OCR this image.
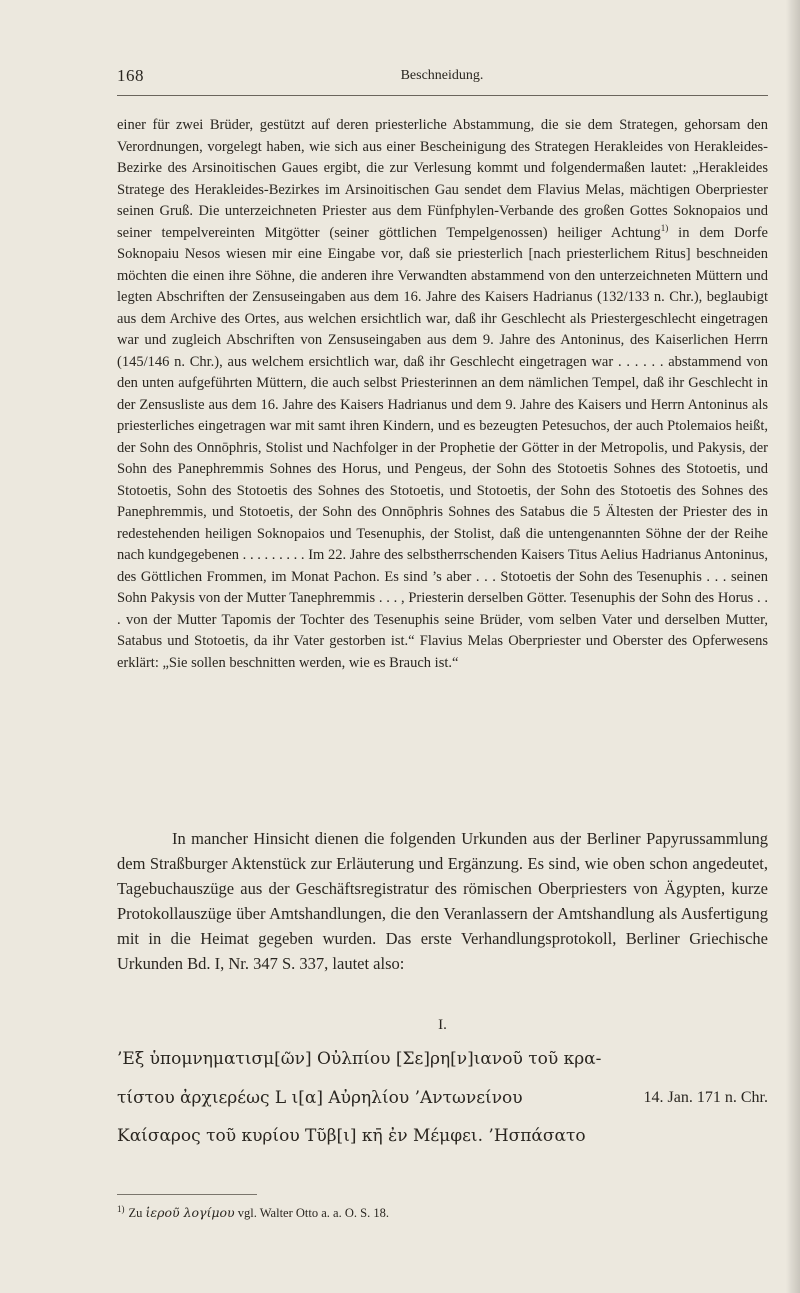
168	Beschneidung.

einer für zwei Brüder, gestützt auf deren priesterliche Abstammung, die sie dem Strategen, gehorsam den Verordnungen, vorgelegt haben, wie sich aus einer Bescheinigung des Strategen Herakleides von Herakleides-Bezirke des Arsinoitischen Gaues ergibt, die zur Verlesung kommt und folgendermaßen lautet: „Herakleides Stratege des Herakleides-Bezirkes im Arsinoitischen Gau sendet dem Flavius Melas, mächtigen Oberpriester seinen Gruß. Die unterzeichneten Priester aus dem Fünfphylen-Verbande des großen Gottes Soknopaios und seiner tempelvereinten Mitgötter (seiner göttlichen Tempelgenossen) heiliger Achtung$^{1)}$ in dem Dorfe Soknopaiu Nesos wiesen mir eine Eingabe vor, daß sie priesterlich [nach priesterlichem Ritus] beschneiden möchten die einen ihre Söhne, die anderen ihre Verwandten abstammend von den unterzeichneten Müttern und legten Abschriften der Zensuseingaben aus dem 16. Jahre des Kaisers Hadrianus (132/133 n. Chr.), beglaubigt aus dem Archive des Ortes, aus welchen ersichtlich war, daß ihr Geschlecht als Priestergeschlecht eingetragen war und zugleich Abschriften von Zensuseingaben aus dem 9. Jahre des Antoninus, des Kaiserlichen Herrn (145/146 n. Chr.), aus welchem ersichtlich war, daß ihr Geschlecht eingetragen war . . . . . . abstammend von den unten aufgeführten Müttern, die auch selbst Priesterinnen an dem nämlichen Tempel, daß ihr Geschlecht in der Zensusliste aus dem 16. Jahre des Kaisers Hadrianus und dem 9. Jahre des Kaisers und Herrn Antoninus als priesterliches eingetragen war mit samt ihren Kindern, und es bezeugten Petesuchos, der auch Ptolemaios heißt, der Sohn des Onnōphris, Stolist und Nachfolger in der Prophetie der Götter in der Metropolis, und Pakysis, der Sohn des Panephremmis Sohnes des Horus, und Pengeus, der Sohn des Stotoetis Sohnes des Stotoetis, und Stotoetis, Sohn des Stotoetis des Sohnes des Stotoetis, und Stotoetis, der Sohn des Stotoetis des Sohnes des Panephremmis, und Stotoetis, der Sohn des Onnōphris Sohnes des Satabus die 5 Ältesten der Priester des in redestehenden heiligen Soknopaios und Tesenuphis, der Stolist, daß die untengenannten Söhne der der Reihe nach kundgegebenen . . . . . . . . . Im 22. Jahre des selbstherrschenden Kaisers Titus Aelius Hadrianus Antoninus, des Göttlichen Frommen, im Monat Pachon. Es sind ’s aber . . . Stotoetis der Sohn des Tesenuphis . . . seinen Sohn Pakysis von der Mutter Tanephremmis . . . , Priesterin derselben Götter. Tesenuphis der Sohn des Horus . . . von der Mutter Tapomis der Tochter des Tesenuphis seine Brüder, vom selben Vater und derselben Mutter, Satabus und Stotoetis, da ihr Vater gestorben ist.“ Flavius Melas Oberpriester und Oberster des Opferwesens erklärt: „Sie sollen beschnitten werden, wie es Brauch ist.“

In mancher Hinsicht dienen die folgenden Urkunden aus der Berliner Papyrussammlung dem Straßburger Aktenstück zur Erläuterung und Ergänzung. Es sind, wie oben schon angedeutet, Tagebuchauszüge aus der Geschäftsregistratur des römischen Oberpriesters von Ägypten, kurze Protokollauszüge über Amtshandlungen, die den Veranlassern der Amtshandlung als Ausfertigung mit in die Heimat gegeben wurden. Das erste Verhandlungsprotokoll, Berliner Griechische Urkunden Bd. I, Nr. 347 S. 337, lautet also:

I.
’Εξ ὑπομνηματισμ[ῶν] Οὐλπίου [Σε]ρη[ν]ιανοῦ τοῦ κρα-
τίστου ἀρχιερέως L ι[α] Αὐρηλίου ’Αντωνείνου	14. Jan. 171 n. Chr.
Καίσαρος τοῦ κυρίου Τῦβ[ι] κη̄ ἐν Μέμφει. ’Ησπάσατο
$^{1)}$ Zu ἱεροῦ λογίμου vgl. Walter Otto a. a. O. S. 18.
